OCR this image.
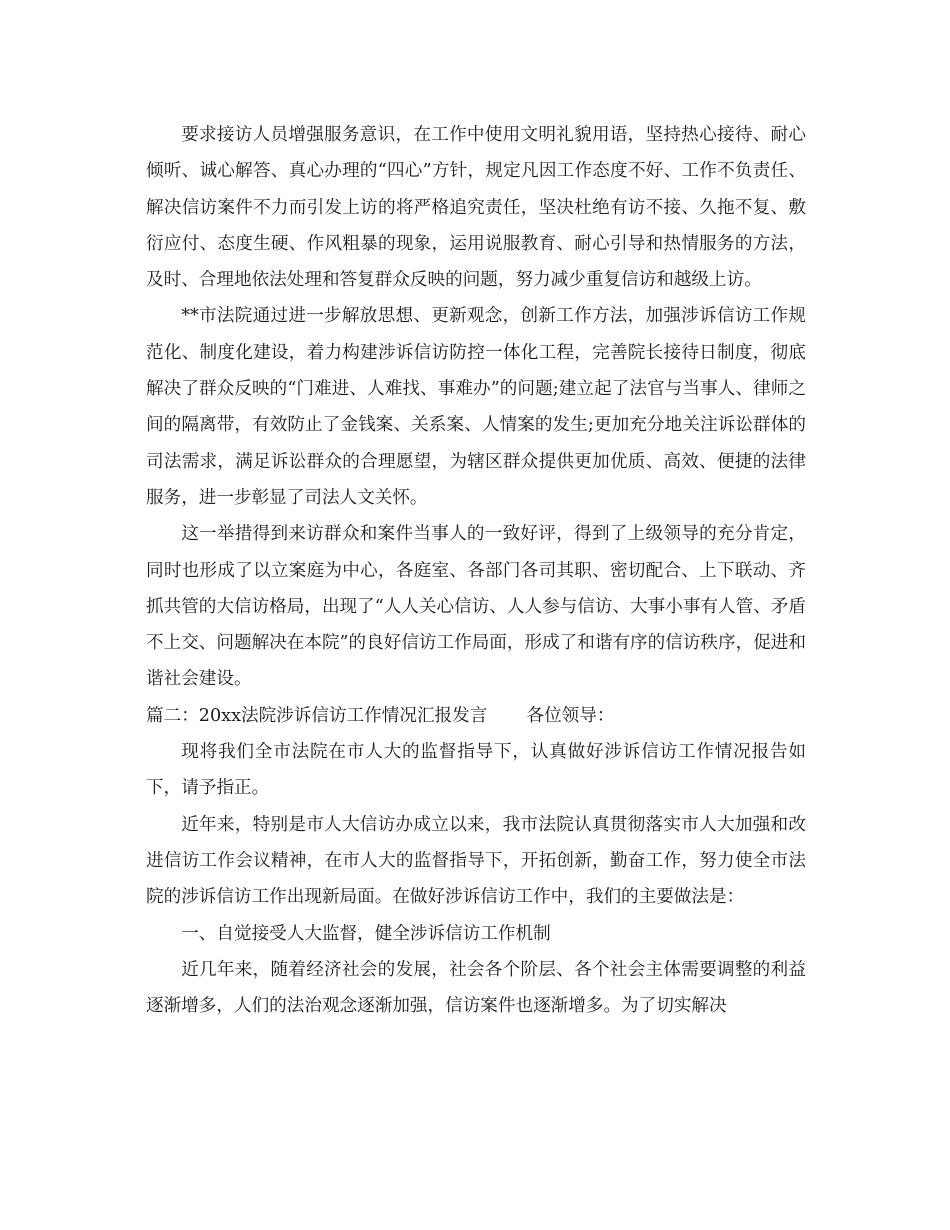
要求接访人员增强服务意识，在工作中使用文明礼貌用语，坚持热心接待、耐心倾听、诚心解答、真心办理的“四心”方针，规定凡因工作态度不好、工作不负责任、解决信访案件不力而引发上访的将严格追究责任，坚决杜绝有访不接、久拖不复、敷衍应付、态度生硬、作风粗暴的现象，运用说服教育、耐心引导和热情服务的方法，及时、合理地依法处理和答复群众反映的问题，努力减少重复信访和越级上访。

**市法院通过进一步解放思想、更新观念，创新工作方法，加强涉诉信访工作规范化、制度化建设，着力构建涉诉信访防控一体化工程，完善院长接待日制度，彻底解决了群众反映的“门难进、人难找、事难办”的问题;建立起了法官与当事人、律师之间的隔离带，有效防止了金钱案、关系案、人情案的发生;更加充分地关注诉讼群体的司法需求，满足诉讼群众的合理愿望，为辖区群众提供更加优质、高效、便捷的法律服务，进一步彰显了司法人文关怀。

这一举措得到来访群众和案件当事人的一致好评，得到了上级领导的充分肯定，同时也形成了以立案庭为中心，各庭室、各部门各司其职、密切配合、上下联动、齐抓共管的大信访格局，出现了“人人关心信访、人人参与信访、大事小事有人管、矛盾不上交、问题解决在本院”的良好信访工作局面，形成了和谐有序的信访秩序，促进和谐社会建设。

篇二：20xx法院涉诉信访工作情况汇报发言       各位领导：

现将我们全市法院在市人大的监督指导下，认真做好涉诉信访工作情况报告如下，请予指正。

近年来，特别是市人大信访办成立以来，我市法院认真贯彻落实市人大加强和改进信访工作会议精神，在市人大的监督指导下，开拓创新，勤奋工作，努力使全市法院的涉诉信访工作出现新局面。在做好涉诉信访工作中，我们的主要做法是：

一、自觉接受人大监督，健全涉诉信访工作机制

近几年来，随着经济社会的发展，社会各个阶层、各个社会主体需要调整的利益逐渐增多，人们的法治观念逐渐加强，信访案件也逐渐增多。为了切实解决
